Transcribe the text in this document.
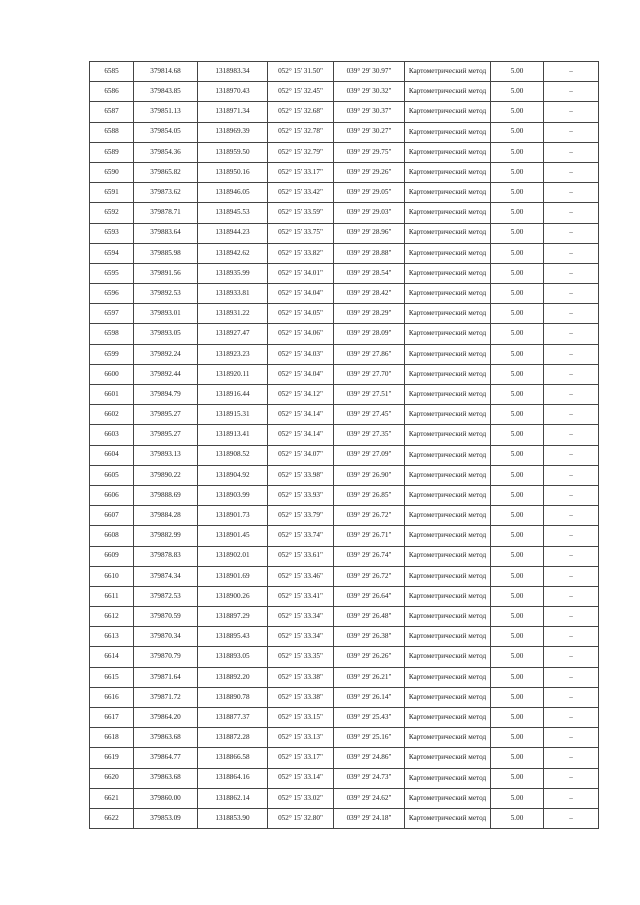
6585	379814.68	1318983.34	052° 15' 31.50"	039° 29' 30.97"	Картометрический метод	5.00	–
6586	379843.85	1318970.43	052° 15' 32.45"	039° 29' 30.32"	Картометрический метод	5.00	–
6587	379851.13	1318971.34	052° 15' 32.68"	039° 29' 30.37"	Картометрический метод	5.00	–
6588	379854.05	1318969.39	052° 15' 32.78"	039° 29' 30.27"	Картометрический метод	5.00	–
6589	379854.36	1318959.50	052° 15' 32.79"	039° 29' 29.75"	Картометрический метод	5.00	–
6590	379865.82	1318950.16	052° 15' 33.17"	039° 29' 29.26"	Картометрический метод	5.00	–
6591	379873.62	1318946.05	052° 15' 33.42"	039° 29' 29.05"	Картометрический метод	5.00	–
6592	379878.71	1318945.53	052° 15' 33.59"	039° 29' 29.03"	Картометрический метод	5.00	–
6593	379883.64	1318944.23	052° 15' 33.75"	039° 29' 28.96"	Картометрический метод	5.00	–
6594	379885.98	1318942.62	052° 15' 33.82"	039° 29' 28.88"	Картометрический метод	5.00	–
6595	379891.56	1318935.99	052° 15' 34.01"	039° 29' 28.54"	Картометрический метод	5.00	–
6596	379892.53	1318933.81	052° 15' 34.04"	039° 29' 28.42"	Картометрический метод	5.00	–
6597	379893.01	1318931.22	052° 15' 34.05"	039° 29' 28.29"	Картометрический метод	5.00	–
6598	379893.05	1318927.47	052° 15' 34.06"	039° 29' 28.09"	Картометрический метод	5.00	–
6599	379892.24	1318923.23	052° 15' 34.03"	039° 29' 27.86"	Картометрический метод	5.00	–
6600	379892.44	1318920.11	052° 15' 34.04"	039° 29' 27.70"	Картометрический метод	5.00	–
6601	379894.79	1318916.44	052° 15' 34.12"	039° 29' 27.51"	Картометрический метод	5.00	–
6602	379895.27	1318915.31	052° 15' 34.14"	039° 29' 27.45"	Картометрический метод	5.00	–
6603	379895.27	1318913.41	052° 15' 34.14"	039° 29' 27.35"	Картометрический метод	5.00	–
6604	379893.13	1318908.52	052° 15' 34.07"	039° 29' 27.09"	Картометрический метод	5.00	–
6605	379890.22	1318904.92	052° 15' 33.98"	039° 29' 26.90"	Картометрический метод	5.00	–
6606	379888.69	1318903.99	052° 15' 33.93"	039° 29' 26.85"	Картометрический метод	5.00	–
6607	379884.28	1318901.73	052° 15' 33.79"	039° 29' 26.72"	Картометрический метод	5.00	–
6608	379882.99	1318901.45	052° 15' 33.74"	039° 29' 26.71"	Картометрический метод	5.00	–
6609	379878.83	1318902.01	052° 15' 33.61"	039° 29' 26.74"	Картометрический метод	5.00	–
6610	379874.34	1318901.69	052° 15' 33.46"	039° 29' 26.72"	Картометрический метод	5.00	–
6611	379872.53	1318900.26	052° 15' 33.41"	039° 29' 26.64"	Картометрический метод	5.00	–
6612	379870.59	1318897.29	052° 15' 33.34"	039° 29' 26.48"	Картометрический метод	5.00	–
6613	379870.34	1318895.43	052° 15' 33.34"	039° 29' 26.38"	Картометрический метод	5.00	–
6614	379870.79	1318893.05	052° 15' 33.35"	039° 29' 26.26"	Картометрический метод	5.00	–
6615	379871.64	1318892.20	052° 15' 33.38"	039° 29' 26.21"	Картометрический метод	5.00	–
6616	379871.72	1318890.78	052° 15' 33.38"	039° 29' 26.14"	Картометрический метод	5.00	–
6617	379864.20	1318877.37	052° 15' 33.15"	039° 29' 25.43"	Картометрический метод	5.00	–
6618	379863.68	1318872.28	052° 15' 33.13"	039° 29' 25.16"	Картометрический метод	5.00	–
6619	379864.77	1318866.58	052° 15' 33.17"	039° 29' 24.86"	Картометрический метод	5.00	–
6620	379863.68	1318864.16	052° 15' 33.14"	039° 29' 24.73"	Картометрический метод	5.00	–
6621	379860.00	1318862.14	052° 15' 33.02"	039° 29' 24.62"	Картометрический метод	5.00	–
6622	379853.09	1318853.90	052° 15' 32.80"	039° 29' 24.18"	Картометрический метод	5.00	–
